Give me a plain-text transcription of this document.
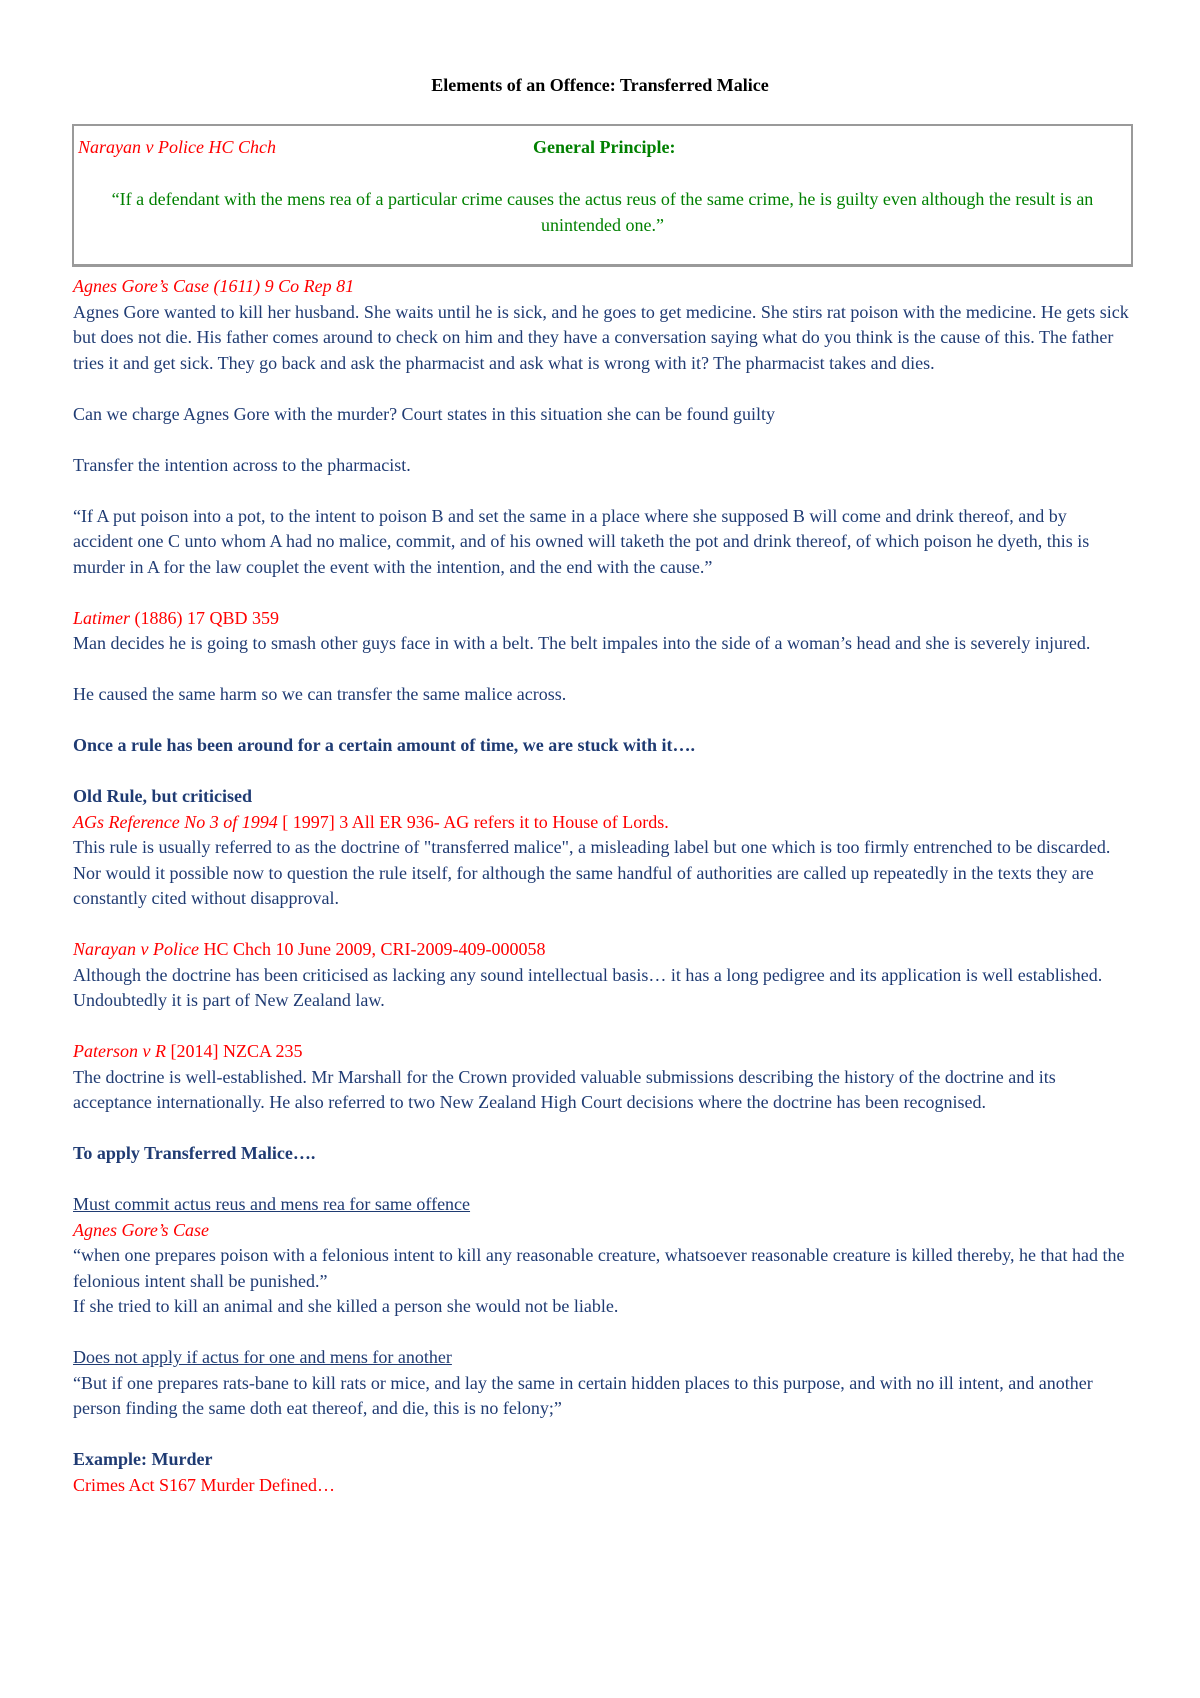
Elements of an Offence: Transferred Malice
Narayan v Police HC Chch	General Principle:
“If a defendant with the mens rea of a particular crime causes the actus reus of the same crime, he is guilty even although the result is an unintended one.”

Agnes Gore’s Case (1611) 9 Co Rep 81

Agnes Gore wanted to kill her husband. She waits until he is sick, and he goes to get medicine. She stirs rat poison with the medicine. He gets sick but does not die. His father comes around to check on him and they have a conversation saying what do you think is the cause of this. The father tries it and get sick. They go back and ask the pharmacist and ask what is wrong with it? The pharmacist takes and dies.

Can we charge Agnes Gore with the murder? Court states in this situation she can be found guilty

Transfer the intention across to the pharmacist.

“If A put poison into a pot, to the intent to poison B and set the same in a place where she supposed B will come and drink thereof, and by accident one C unto whom A had no malice, commit, and of his owned will taketh the pot and drink thereof, of which poison he dyeth, this is murder in A for the law couplet the event with the intention, and the end with the cause.”

Latimer (1886) 17 QBD 359

Man decides he is going to smash other guys face in with a belt. The belt impales into the side of a woman’s head and she is severely injured.

He caused the same harm so we can transfer the same malice across.

Once a rule has been around for a certain amount of time, we are stuck with it….

Old Rule, but criticised

AGs Reference No 3 of 1994 [ 1997] 3 All ER 936- AG refers it to House of Lords.

This rule is usually referred to as the doctrine of "transferred malice", a misleading label but one which is too firmly entrenched to be discarded. Nor would it possible now to question the rule itself, for although the same handful of authorities are called up repeatedly in the texts they are constantly cited without disapproval.

Narayan v Police HC Chch 10 June 2009, CRI-2009-409-000058

Although the doctrine has been criticised as lacking any sound intellectual basis… it has a long pedigree and its application is well established. Undoubtedly it is part of New Zealand law.

Paterson v R [2014] NZCA 235

The doctrine is well-established. Mr Marshall for the Crown provided valuable submissions describing the history of the doctrine and its acceptance internationally. He also referred to two New Zealand High Court decisions where the doctrine has been recognised.

To apply Transferred Malice….

Must commit actus reus and mens rea for same offence

Agnes Gore’s Case

“when one prepares poison with a felonious intent to kill any reasonable creature, whatsoever reasonable creature is killed thereby, he that had the felonious intent shall be punished.”

If she tried to kill an animal and she killed a person she would not be liable.

Does not apply if actus for one and mens for another

“But if one prepares rats-bane to kill rats or mice, and lay the same in certain hidden places to this purpose, and with no ill intent, and another person finding the same doth eat thereof, and die, this is no felony;”

Example: Murder

Crimes Act S167 Murder Defined…
